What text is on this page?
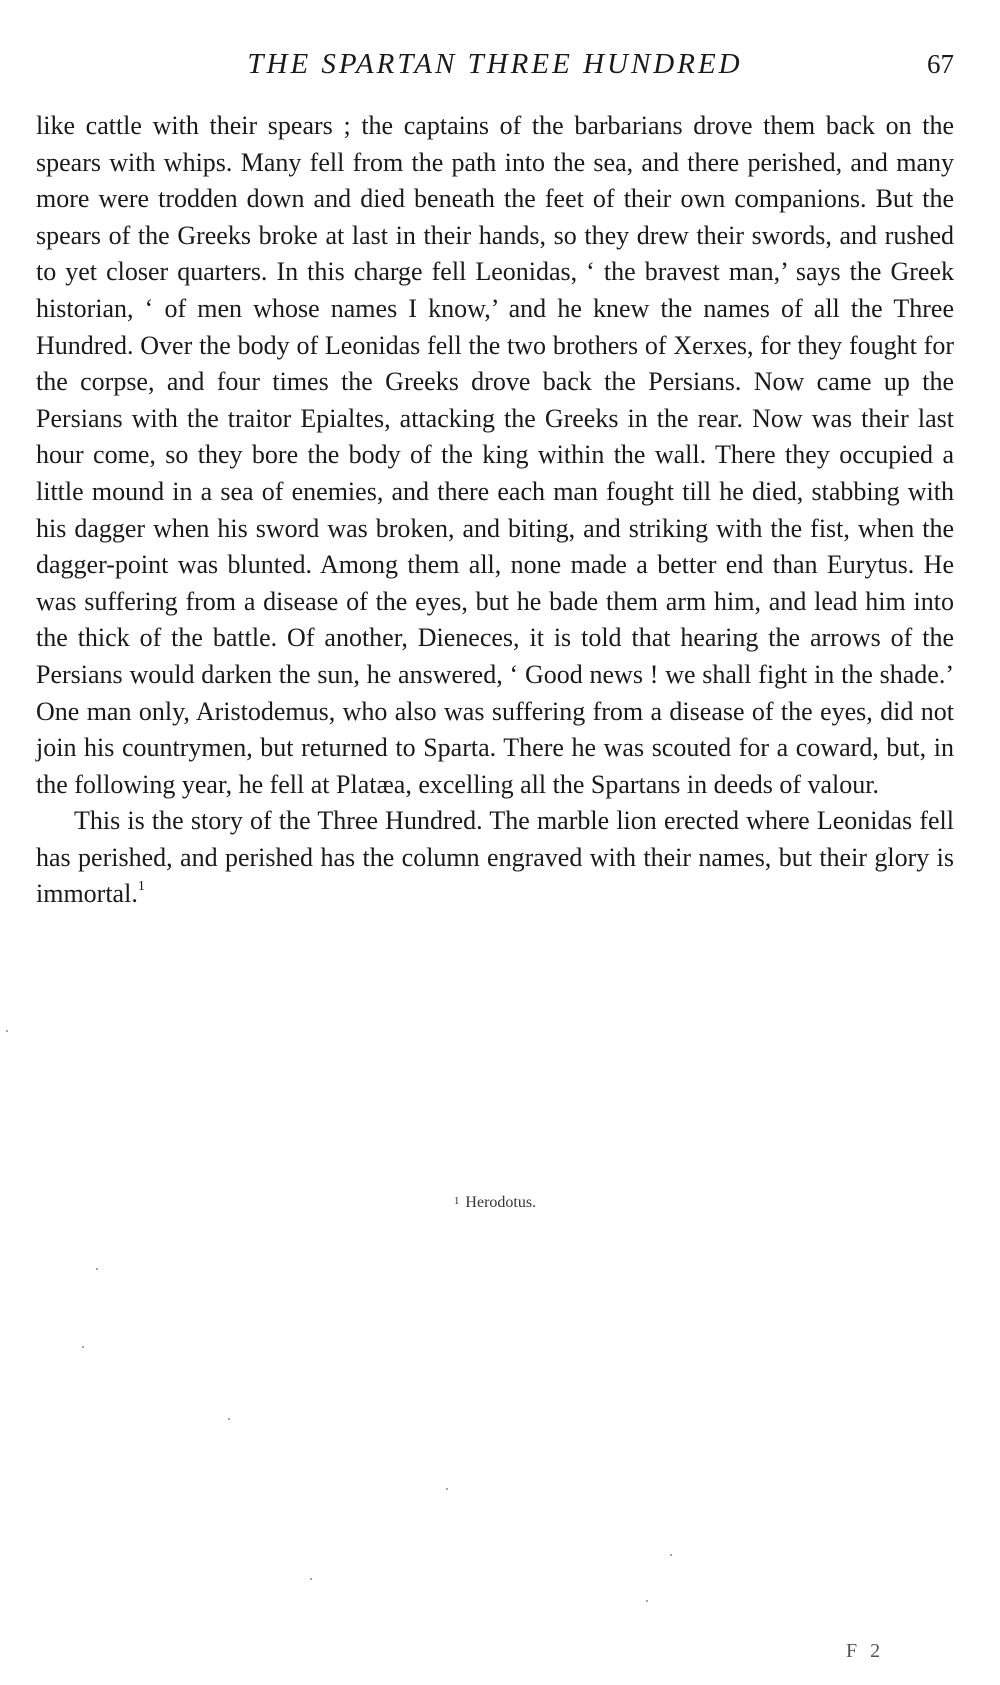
THE SPARTAN THREE HUNDRED	67

like cattle with their spears ; the captains of the barbarians drove them back on the spears with whips. Many fell from the path into the sea, and there perished, and many more were trodden down and died beneath the feet of their own companions. But the spears of the Greeks broke at last in their hands, so they drew their swords, and rushed to yet closer quarters. In this charge fell Leonidas, ‘ the bravest man,’ says the Greek historian, ‘ of men whose names I know,’ and he knew the names of all the Three Hundred. Over the body of Leonidas fell the two brothers of Xerxes, for they fought for the corpse, and four times the Greeks drove back the Persians. Now came up the Persians with the traitor Epialtes, attacking the Greeks in the rear. Now was their last hour come, so they bore the body of the king within the wall. There they occupied a little mound in a sea of enemies, and there each man fought till he died, stabbing with his dagger when his sword was broken, and biting, and striking with the fist, when the dagger-point was blunted. Among them all, none made a better end than Eurytus. He was suffering from a disease of the eyes, but he bade them arm him, and lead him into the thick of the battle. Of another, Dieneces, it is told that hearing the arrows of the Persians would darken the sun, he answered, ‘ Good news ! we shall fight in the shade.’ One man only, Aristodemus, who also was suffering from a disease of the eyes, did not join his countrymen, but returned to Sparta. There he was scouted for a coward, but, in the following year, he fell at Platæa, excelling all the Spartans in deeds of valour.

This is the story of the Three Hundred. The marble lion erected where Leonidas fell has perished, and perished has the column engraved with their names, but their glory is immortal.$^1$

$^1$ Herodotus.
F 2
